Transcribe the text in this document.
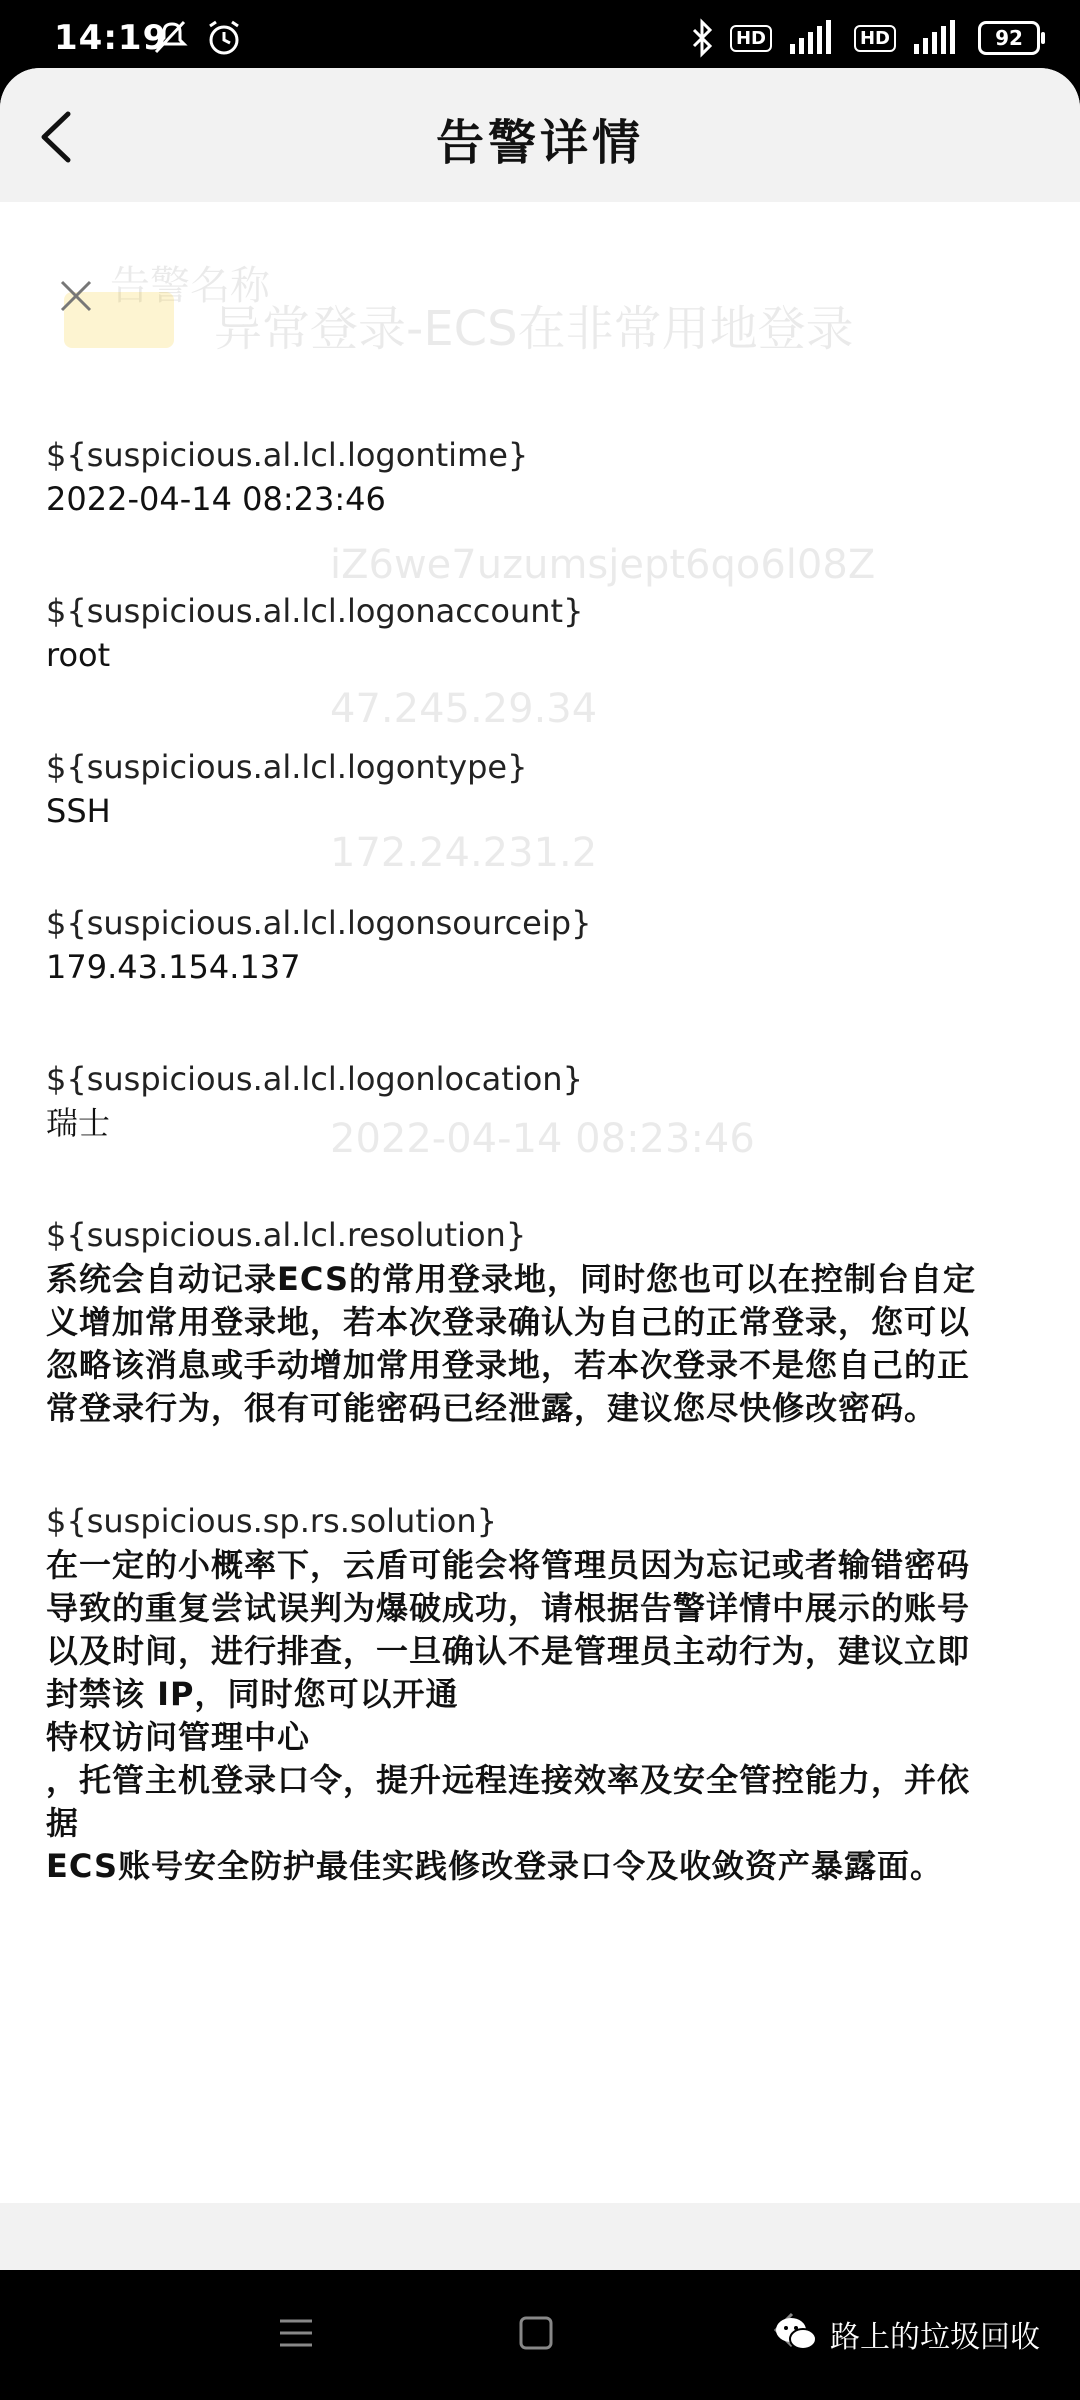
14:19	HD	HD	92
告警详情
告警名称
异常登录-ECS在非常用地登录
iZ6we7uzumsjept6qo6l08Z
47.245.29.34
172.24.231.2
2022-04-14 08:23:46
${suspicious.al.lcl.logontime}
2022-04-14 08:23:46
${suspicious.al.lcl.logonaccount}
root
${suspicious.al.lcl.logontype}
SSH
${suspicious.al.lcl.logonsourceip}
179.43.154.137
${suspicious.al.lcl.logonlocation}
瑞士
${suspicious.al.lcl.resolution}
系统会自动记录ECS的常用登录地，同时您也可以在控制台自定
义增加常用登录地，若本次登录确认为自己的正常登录，您可以
忽略该消息或手动增加常用登录地，若本次登录不是您自己的正
常登录行为，很有可能密码已经泄露，建议您尽快修改密码。
${suspicious.sp.rs.solution}
在一定的小概率下，云盾可能会将管理员因为忘记或者输错密码
导致的重复尝试误判为爆破成功，请根据告警详情中展示的账号
以及时间，进行排查，一旦确认不是管理员主动行为，建议立即
封禁该 IP，同时您可以开通
特权访问管理中心
，托管主机登录口令，提升远程连接效率及安全管控能力，并依
据
ECS账号安全防护最佳实践修改登录口令及收敛资产暴露面。
路上的垃圾回收
